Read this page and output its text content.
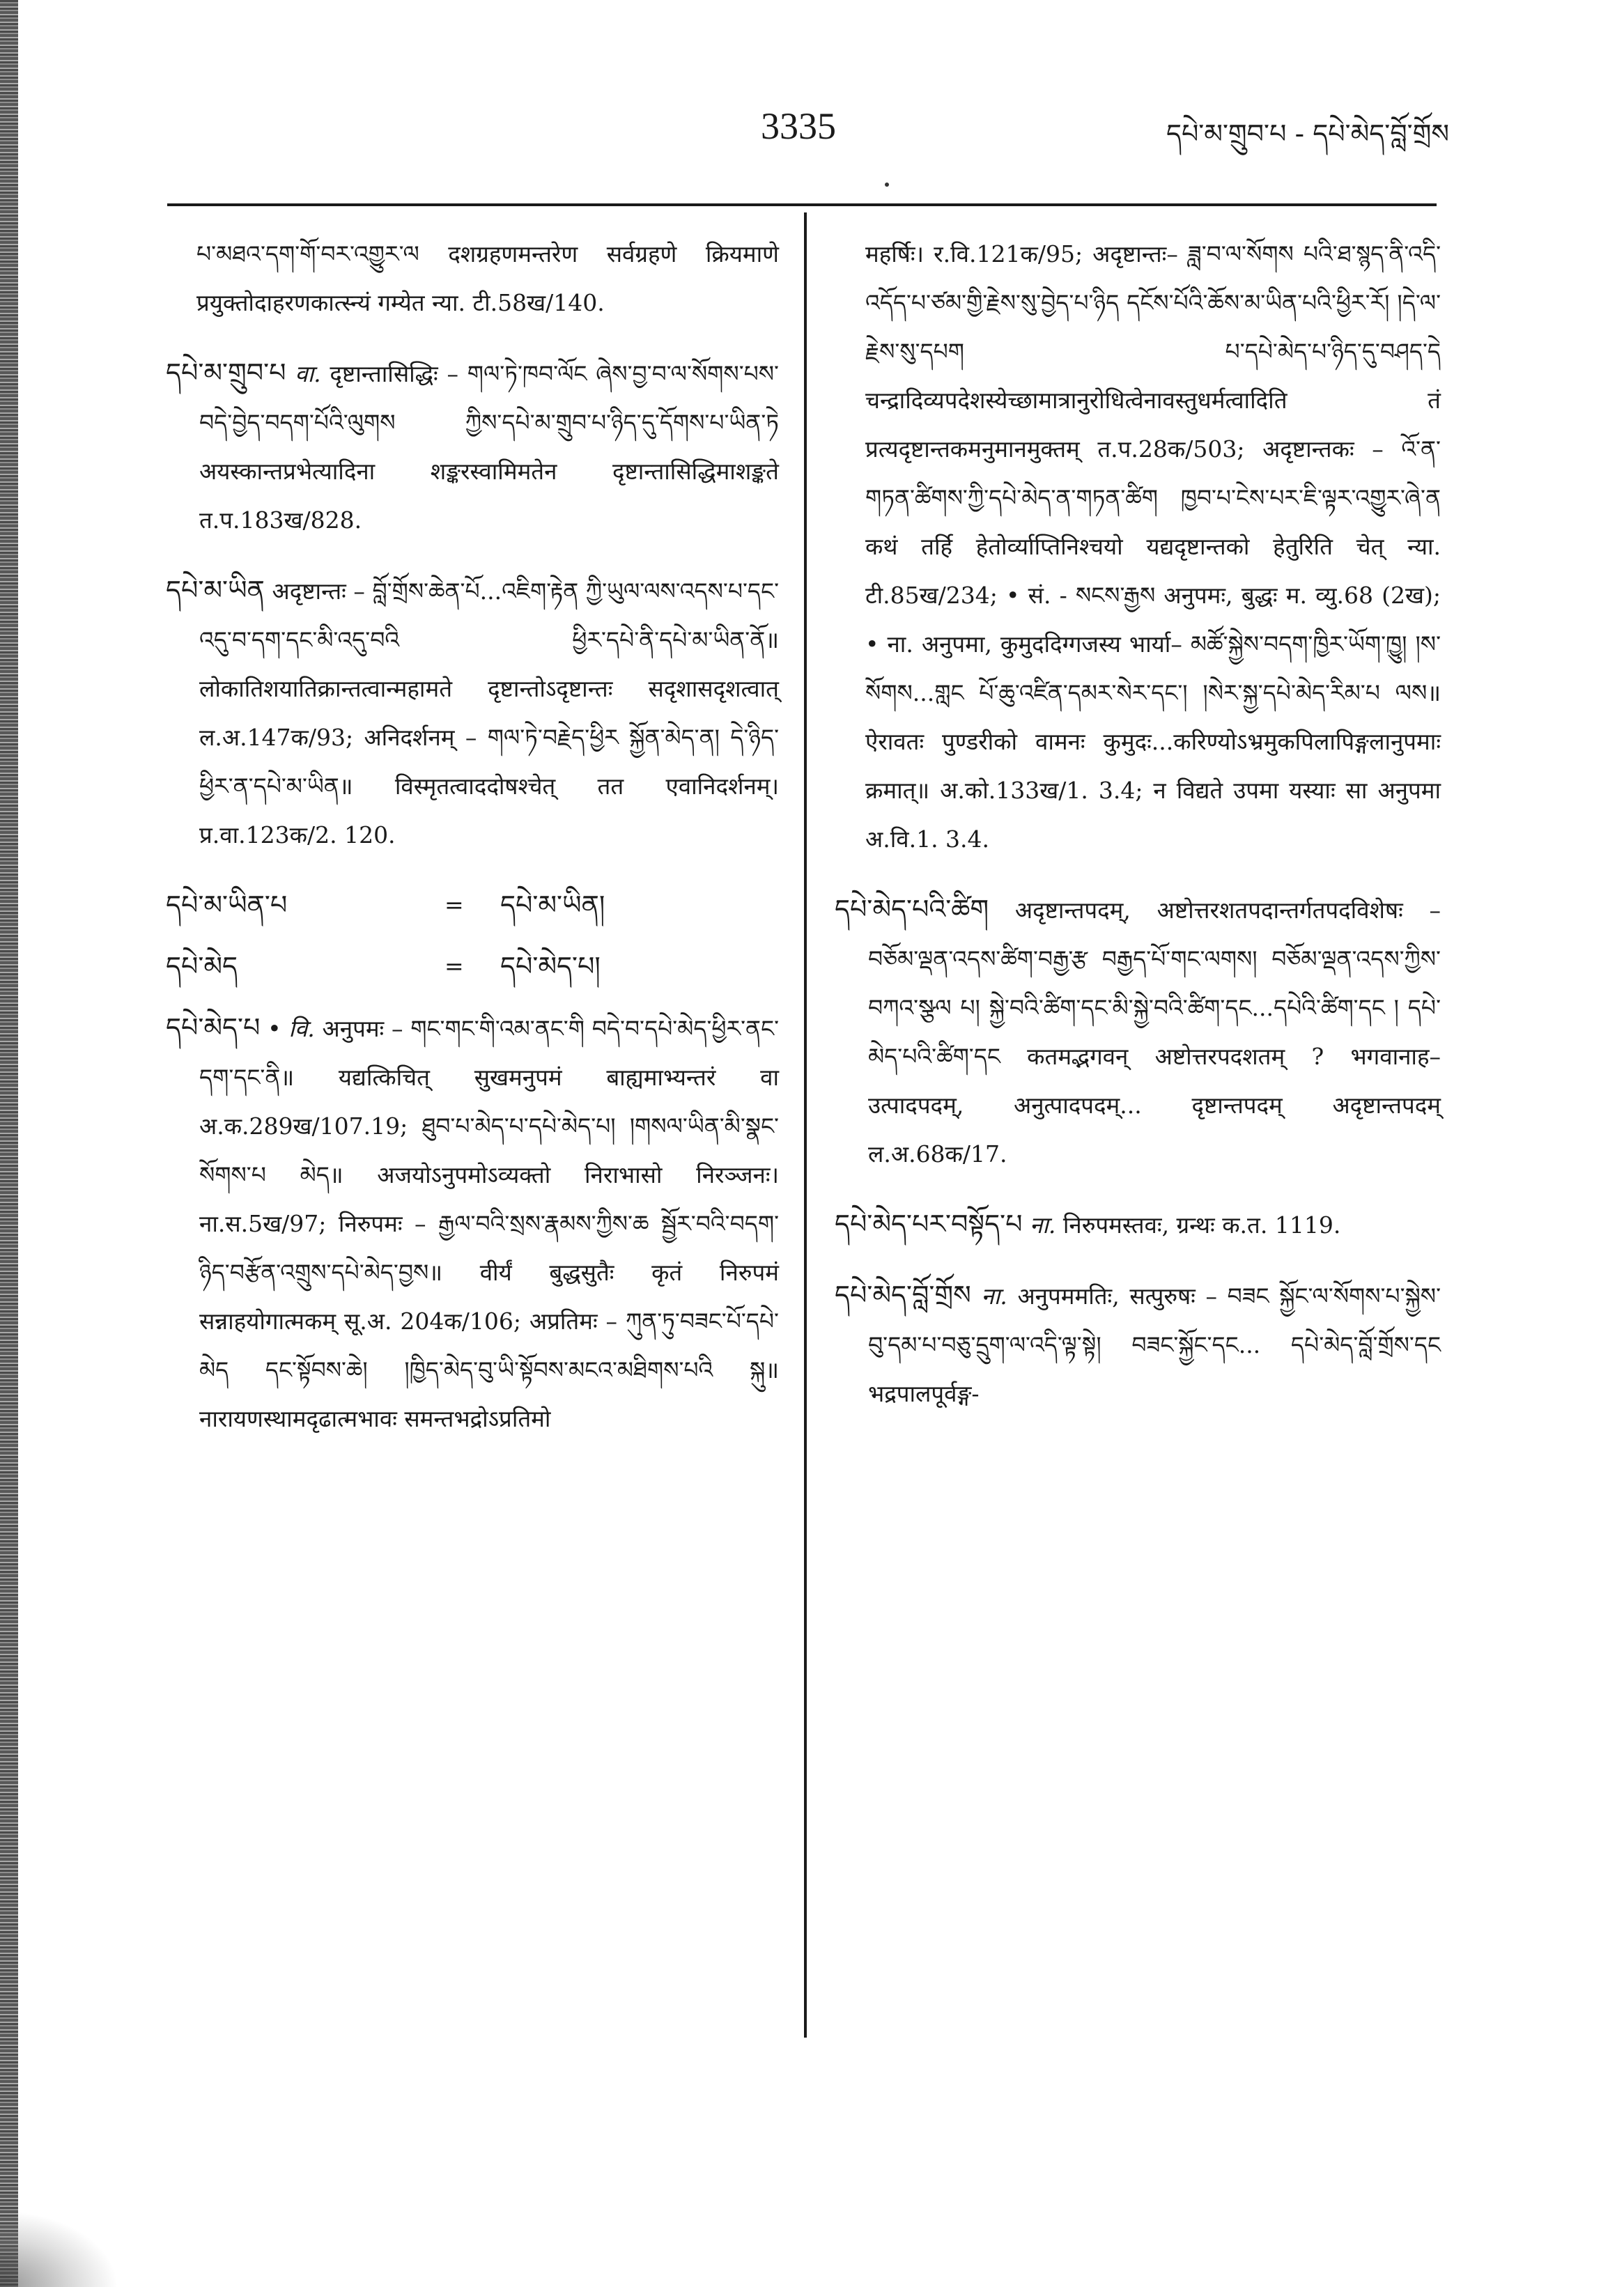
3335	དཔེ་མ་གྲུབ་པ - དཔེ་མེད་བློ་གྲོས
པ་མཐའ་དག་གོ་བར་འགྱུར་ལ दशग्रहणमन्तरेण सर्वग्रहणे क्रियमाणे प्रयुक्तोदाहरणकात्स्न्यं गम्येत न्या. टी.58ख/140.
དཔེ་མ་གྲུབ་པ वा. दृष्टान्तासिद्धिः – གལ་ཏེ་ཁབ་ལོང ཞེས་བྱ་བ་ལ་སོགས་པས་བདེ་བྱེད་བདག་པོའི་ལུགས ཀྱིས་དཔེ་མ་གྲུབ་པ་ཉིད་དུ་དོགས་པ་ཡིན་ཏེ अयस्कान्तप्रभेत्यादिना शङ्करस्वामिमतेन दृष्टान्तासिद्धिमाशङ्कते त.प.183ख/828.
དཔེ་མ་ཡིན अदृष्टान्तः – བློ་གྲོས་ཆེན་པོ...འཇིག་རྟེན ཀྱི་ཡུལ་ལས་འདས་པ་དང་འདུ་བ་དག་དང་མི་འདུ་བའི ཕྱིར་དཔེ་ནི་དཔེ་མ་ཡིན་ནོ॥ लोकातिशयातिक्रान्तत्वान्महामते दृष्टान्तोऽदृष्टान्तः सदृशासदृशत्वात् ल.अ.147क/93; अनिदर्शनम् – གལ་ཏེ་བརྗེད་ཕྱིར སྐྱོན་མེད་ན། དེ་ཉིད་ཕྱིར་ན་དཔེ་མ་ཡིན॥ विस्मृतत्वाददोषश्चेत् तत एवानिदर्शनम्। प्र.वा.123क/2. 120.
དཔེ་མ་ཡིན་པ	=	དཔེ་མ་ཡིན།
དཔེ་མེད	=	དཔེ་མེད་པ།
དཔེ་མེད་པ • वि. अनुपमः – གང་གང་གི་འམ་ནང་གི བདེ་བ་དཔེ་མེད་ཕྱིར་ནང་དག་དང་ནི॥ यद्यत्किचित् सुखमनुपमं बाह्यमाभ्यन्तरं वा अ.क.289ख/107.19; ཐུབ་པ་མེད་པ་དཔེ་མེད་པ། །གསལ་ཡིན་མི་སྣང་སོགས་པ མེད॥ अजयोऽनुपमोऽव्यक्तो निराभासो निरञ्जनः। ना.स.5ख/97; निरुपमः – རྒྱལ་བའི་སྲས་རྣམས་ཀྱིས་ཆ སྦྱོར་བའི་བདག་ཉིད་བརྩོན་འགྲུས་དཔེ་མེད་བྱས॥ वीर्यं बुद्धसुतैः कृतं निरुपमं सन्नाहयोगात्मकम् सू.अ. 204क/106; अप्रतिमः – ཀུན་ཏུ་བཟང་པོ་དཔེ་མེད དང་སྟོབས་ཆེ། །ཁྱིད་མེད་བུ་ཡི་སྟོབས་མངའ་མཐིགས་པའི སྐུ॥ नारायणस्थामदृढात्मभावः समन्तभद्रोऽप्रतिमो
महर्षिः। र.वि.121क/95; अदृष्टान्तः– ཟླ་བ་ལ་སོགས པའི་ཐ་སྙད་ནི་འདི་འདོད་པ་ཙམ་གྱི་རྗེས་སུ་བྱེད་པ་ཉིད དངོས་པོའི་ཆོས་མ་ཡིན་པའི་ཕྱིར་རོ། །དེ་ལ་རྗེས་སུ་དཔག པ་དཔེ་མེད་པ་ཉིད་དུ་བཤད་དེ चन्द्रादिव्यपदेशस्येच्छामात्रानुरोधित्वेनावस्तुधर्मत्वादिति तं प्रत्यदृष्टान्तकमनुमानमुक्तम् त.प.28क/503; अदृष्टान्तकः – འོ་ན་གཏན་ཚིགས་ཀྱི་དཔེ་མེད་ན་གཏན་ཚིག ཁྱབ་པ་ངེས་པར་ཇི་ལྟར་འགྱུར་ཞེ་ན कथं तर्हि हेतोर्व्याप्तिनिश्चयो यद्यदृष्टान्तको हेतुरिति चेत् न्या. टी.85ख/234; • सं. - སངས་རྒྱས अनुपमः, बुद्धः म. व्यु.68 (2ख); • ना. अनुपमा, कुमुददिग्गजस्य भार्या– མཚོ་སྐྱེས་བདག་ཁྱིར་ཡོག་ཁྱུ། །ས་སོགས...གླང པོ་ཆུ་འཛིན་དམར་སེར་དང་། །སེར་སྐྱ་དཔེ་མེད་རིམ་པ ལས॥ ऐरावतः पुण्डरीको वामनः कुमुदः...करिण्योऽभ्रमुकपिलापिङ्गलानुपमाः क्रमात्॥ अ.को.133ख/1. 3.4; न विद्यते उपमा यस्याः सा अनुपमा अ.वि.1. 3.4.
དཔེ་མེད་པའི་ཚིག अदृष्टान्तपदम्, अष्टोत्तरशतपदान्तर्गतपदविशेषः – བཅོམ་ལྡན་འདས་ཚིག་བརྒྱ་རྩ བརྒྱད་པོ་གང་ལགས། བཅོམ་ལྡན་འདས་ཀྱིས་བཀའ་སྩལ པ། སྐྱེ་བའི་ཚིག་དང་མི་སྐྱེ་བའི་ཚིག་དང...དཔེའི་ཚིག་དང ། དཔེ་མེད་པའི་ཚིག་དང कतमद्भगवन् अष्टोत्तरपदशतम् ? भगवानाह–उत्पादपदम्, अनुत्पादपदम्... दृष्टान्तपदम् अदृष्टान्तपदम् ल.अ.68क/17.
དཔེ་མེད་པར་བསྟོད་པ ना. निरुपमस्तवः, ग्रन्थः क.त. 1119.
དཔེ་མེད་བློ་གྲོས ना. अनुपममतिः, सत्पुरुषः – བཟང སྐྱོང་ལ་སོགས་པ་སྐྱེས་བུ་དམ་པ་བཅུ་དྲུག་ལ་འདི་ལྟ་སྟེ། བཟང་སྐྱོང་དང... དཔེ་མེད་བློ་གྲོས་དང भद्रपालपूर्वङ्ग-
